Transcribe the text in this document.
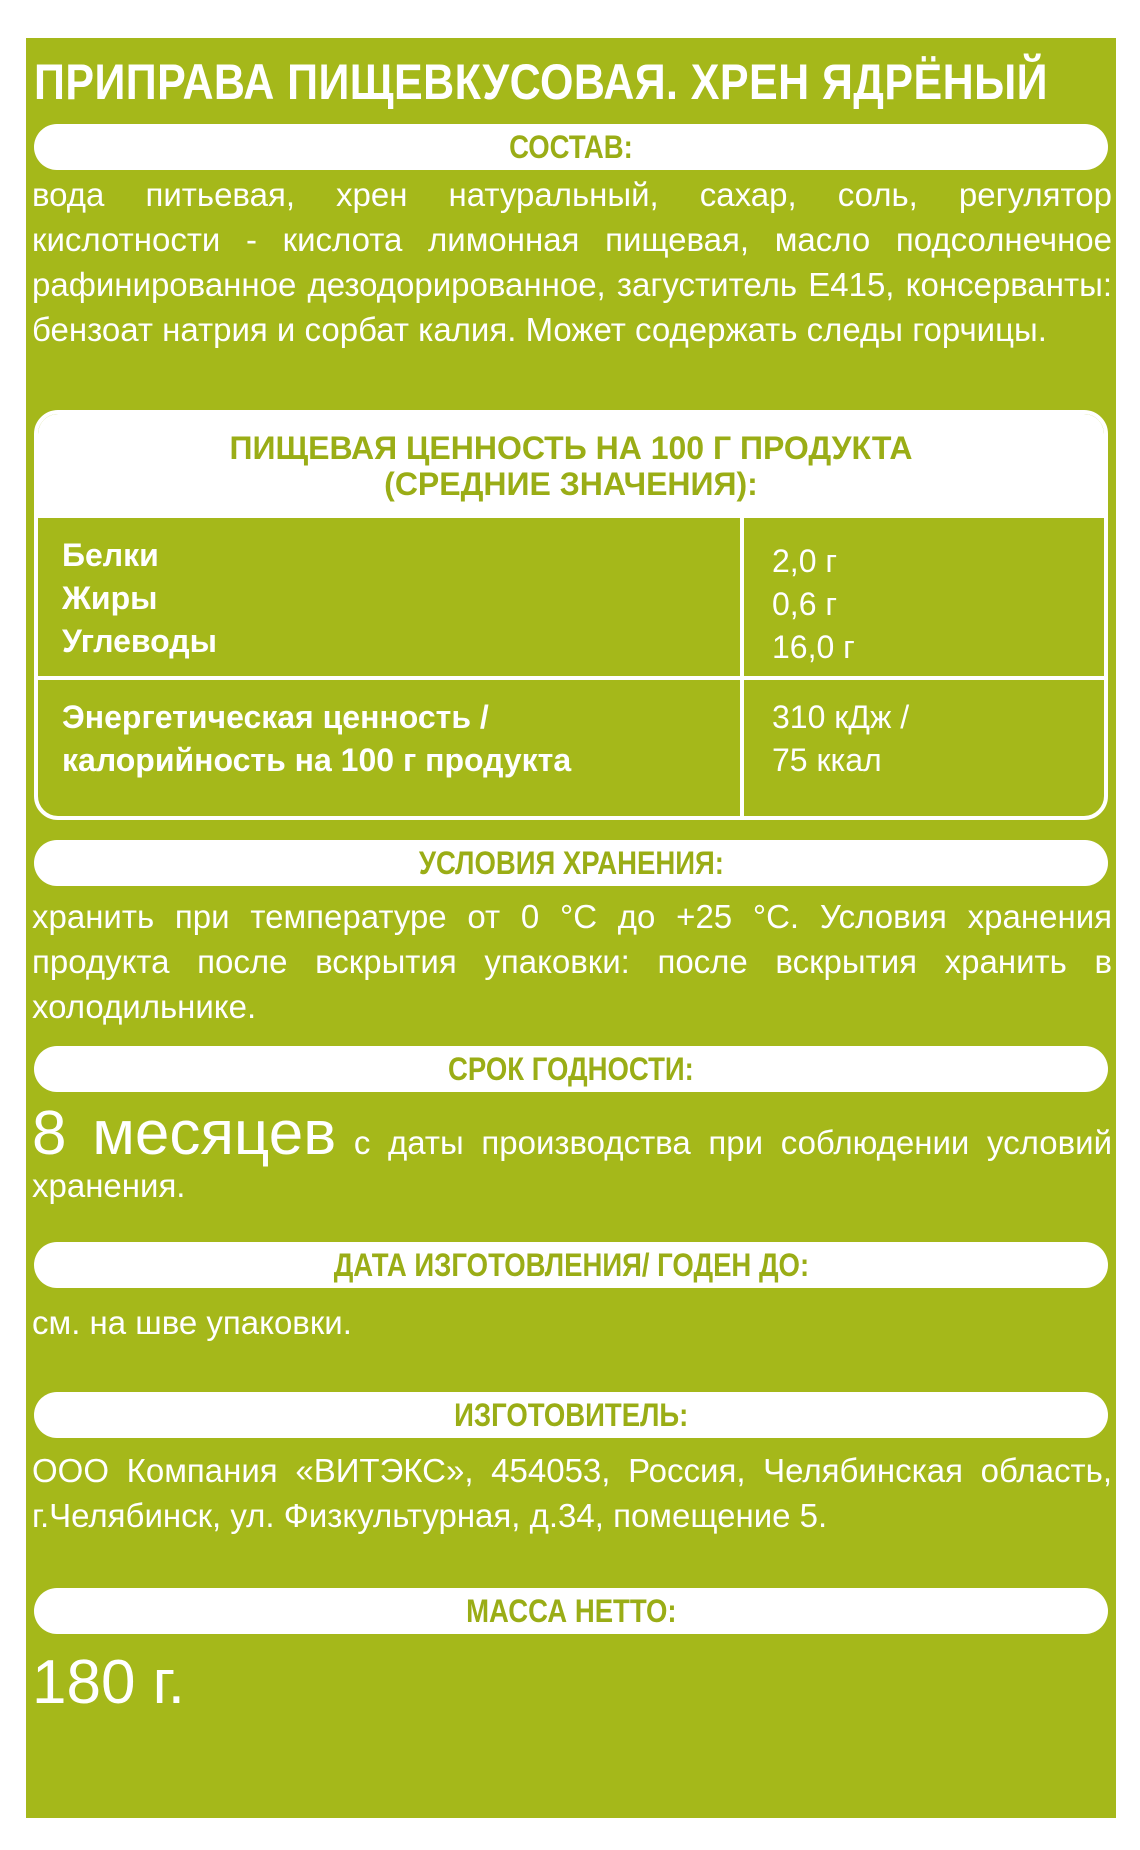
ПРИПРАВА ПИЩЕВКУСОВАЯ. ХРЕН ЯДРЁНЫЙ
СОСТАВ:
вода питьевая, хрен натуральный, сахар, соль, регулятор кислотности - кислота лимонная пищевая, масло подсолнечное рафинированное дезодорированное, загуститель Е415, консерванты: бензоат натрия и сорбат калия. Может содержать следы горчицы.
ПИЩЕВАЯ ЦЕННОСТЬ НА 100 Г ПРОДУКТА
(СРЕДНИЕ ЗНАЧЕНИЯ):
Белки
Жиры
Углеводы
2,0 г
0,6 г
16,0 г
Энергетическая ценность /
калорийность на 100 г продукта
310 кДж /
75 ккал
УСЛОВИЯ ХРАНЕНИЯ:
хранить при температуре от 0 °С до +25 °С. Условия хранения продукта после вскрытия упаковки: после вскрытия хранить в холодильнике.
СРОК ГОДНОСТИ:
8 месяцев с даты производства при соблюдении условий хранения.
ДАТА ИЗГОТОВЛЕНИЯ/ ГОДЕН ДО:
см. на шве упаковки.
ИЗГОТОВИТЕЛЬ:
ООО Компания «ВИТЭКС», 454053, Россия, Челябинская область, г.Челябинск, ул. Физкультурная, д.34, помещение 5.
МАССА НЕТТО:
180 г.
